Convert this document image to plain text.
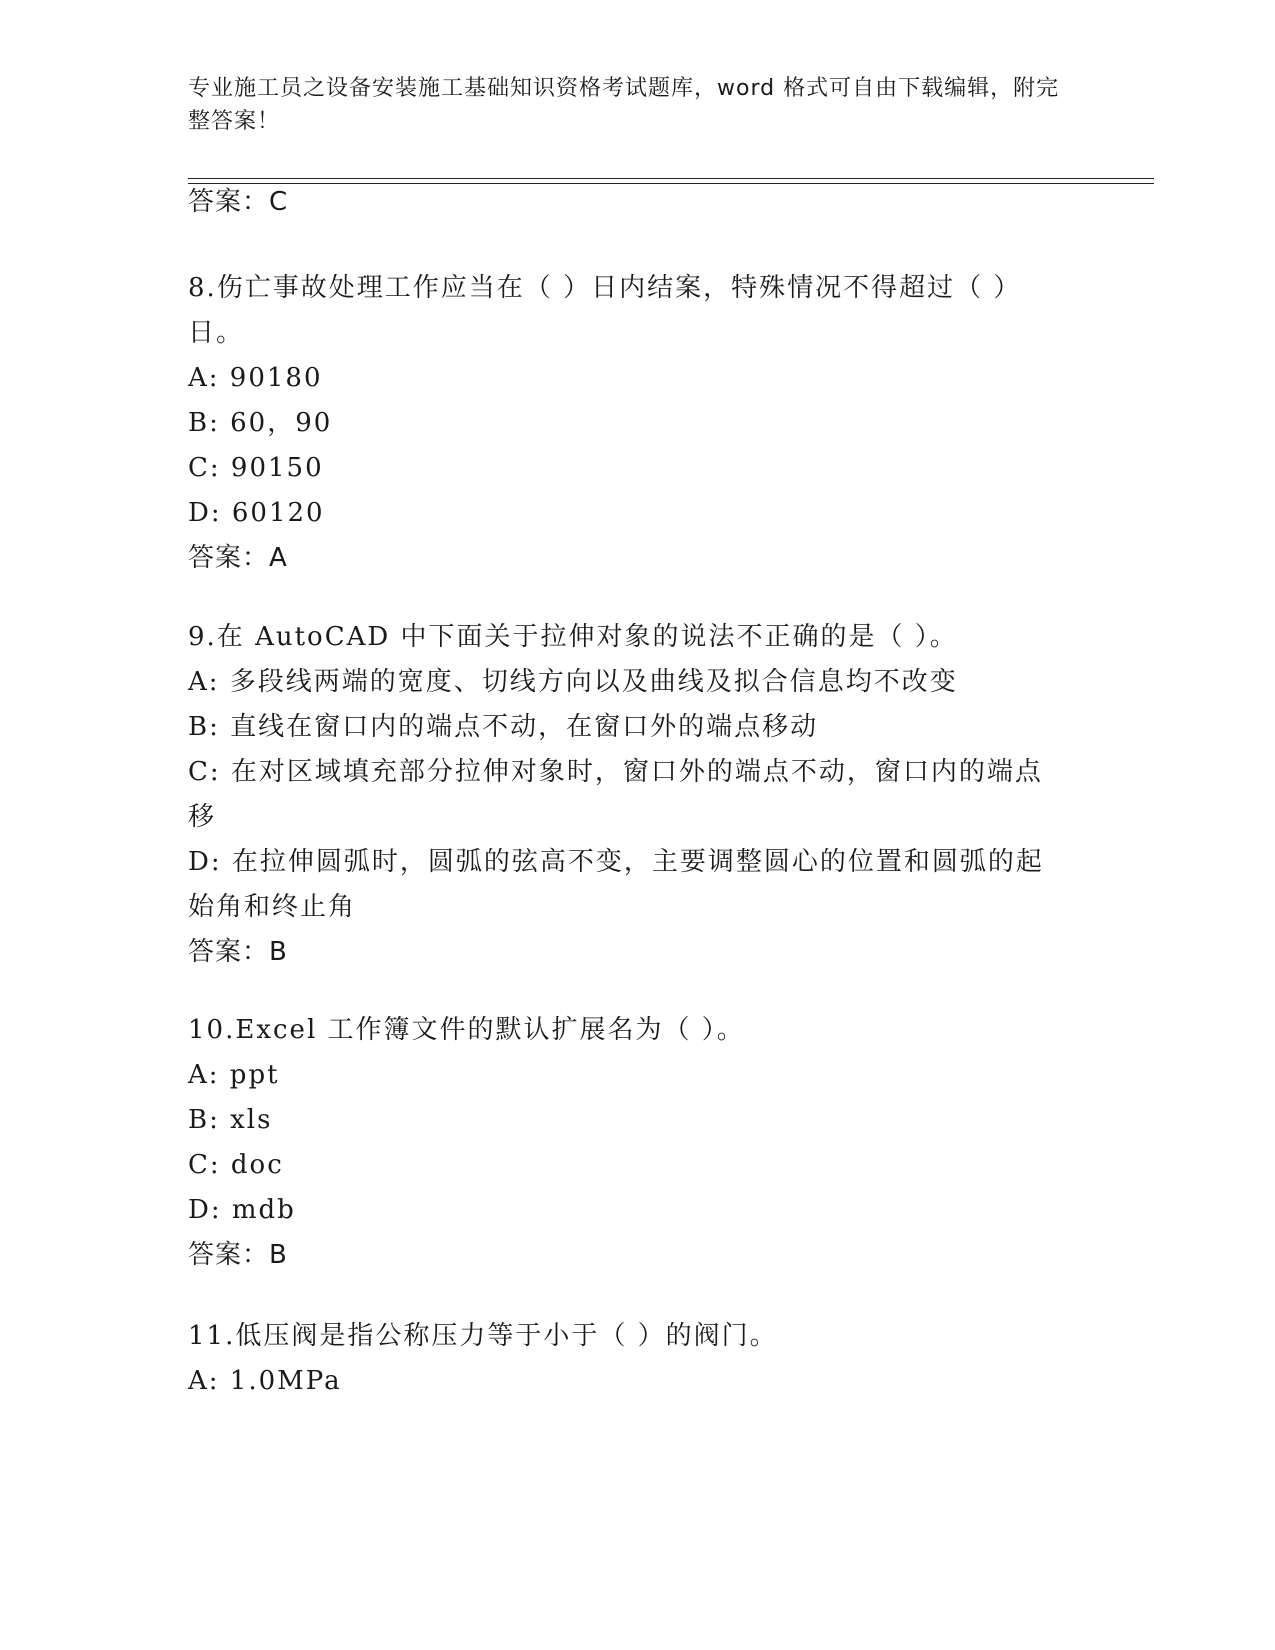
专业施工员之设备安装施工基础知识资格考试题库，word 格式可自由下载编辑，附完整答案！
答案：C
8.伤亡事故处理工作应当在（ ）日内结案，特殊情况不得超过（ ）日。
A: 90180
B: 60，90
C: 90150
D: 60120
答案：A
9.在 AutoCAD 中下面关于拉伸对象的说法不正确的是（ ）。
A: 多段线两端的宽度、切线方向以及曲线及拟合信息均不改变
B: 直线在窗口内的端点不动，在窗口外的端点移动
C: 在对区域填充部分拉伸对象时，窗口外的端点不动，窗口内的端点移
D: 在拉伸圆弧时，圆弧的弦高不变，主要调整圆心的位置和圆弧的起始角和终止角
答案：B
10.Excel 工作簿文件的默认扩展名为（ ）。
A: ppt
B: xls
C: doc
D: mdb
答案：B
11.低压阀是指公称压力等于小于（ ）的阀门。
A: 1.0MPa
